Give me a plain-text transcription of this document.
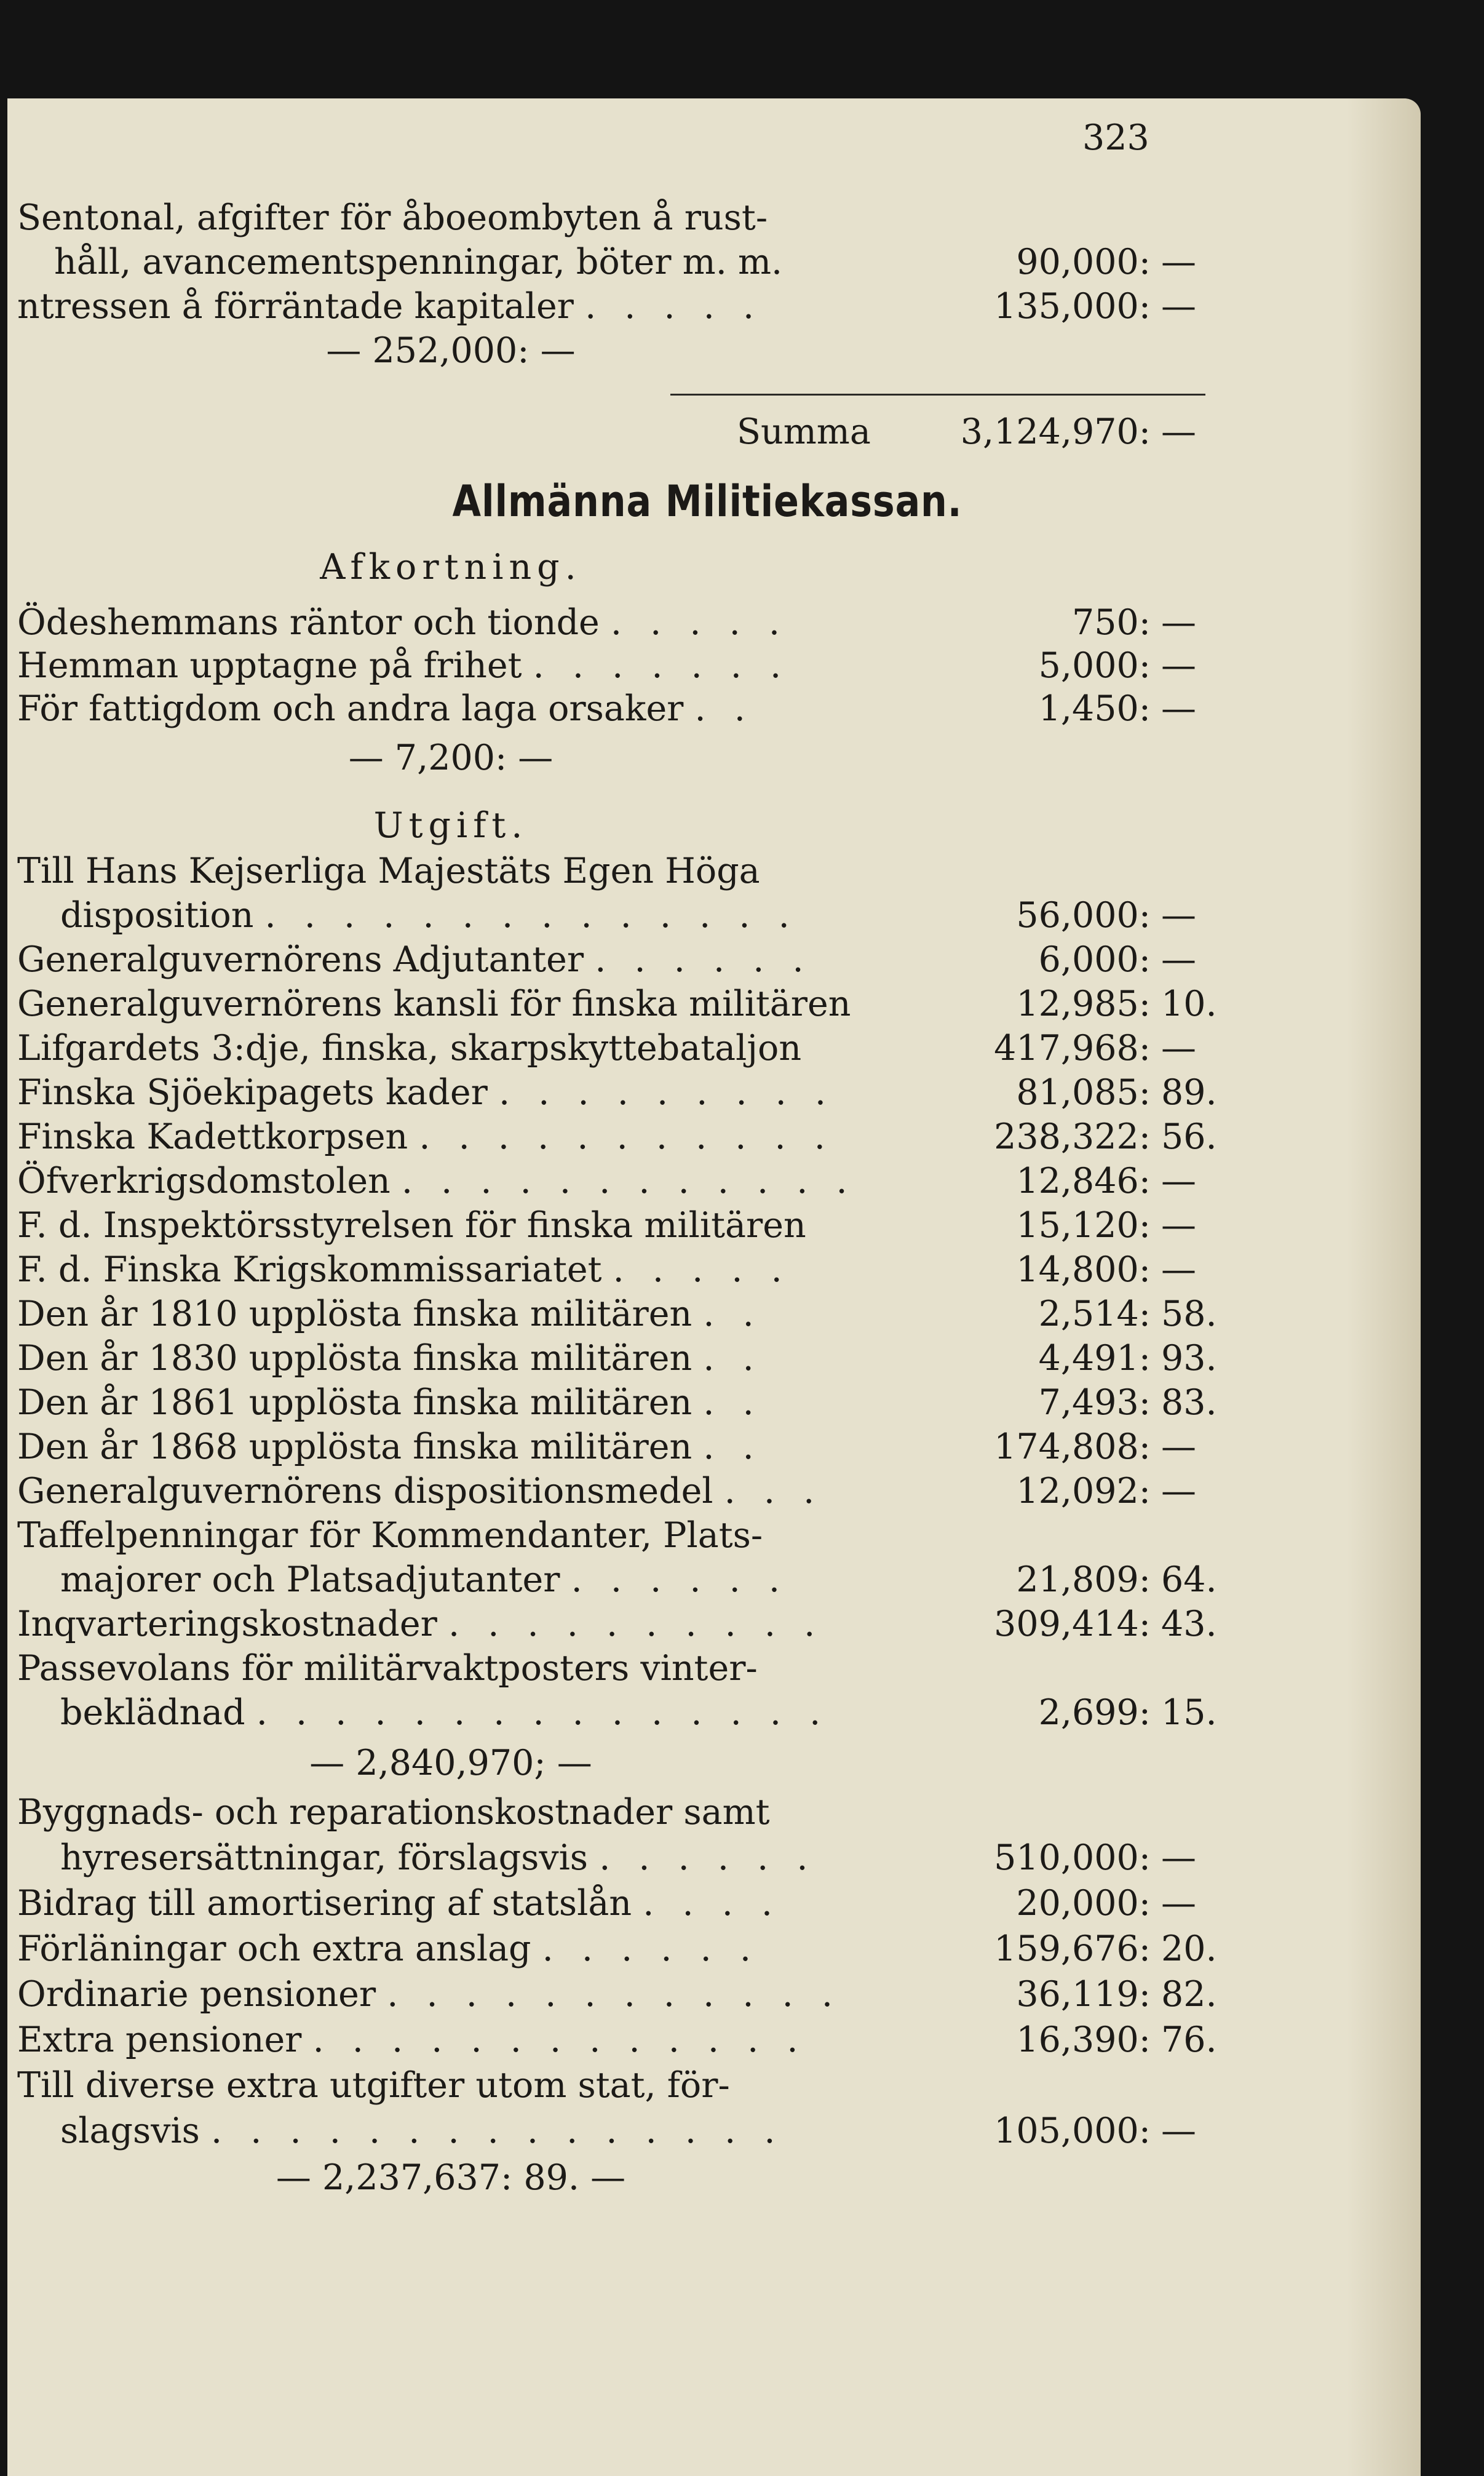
323
Sentonal, afgifter för åboeombyten å rust-
håll, avancementspenningar, böter m. m.	90,000: —
ntressen å förräntade kapitaler . . . . .	135,000: —
— 252,000: —
Summa	3,124,970: —
Allmänna Militiekassan.
Afkortning.
Ödeshemmans räntor och tionde . . . . .	750: —
Hemman upptagne på frihet . . . . . . .	5,000: —
För fattigdom och andra laga orsaker . .	1,450: —
— 7,200: —
Utgift.
Till Hans Kejserliga Majestäts Egen Höga
disposition . . . . . . . . . . . . . .	56,000: —
Generalguvernörens Adjutanter . . . . . .	6,000: —
Generalguvernörens kansli för finska militären	12,985: 10.
Lifgardets 3:dje, finska, skarpskyttebataljon	417,968: —
Finska Sjöekipagets kader . . . . . . . . .	81,085: 89.
Finska Kadettkorpsen . . . . . . . . . . .	238,322: 56.
Öfverkrigsdomstolen . . . . . . . . . . . .	12,846: —
F. d. Inspektörsstyrelsen för finska militären	15,120: —
F. d. Finska Krigskommissariatet . . . . .	14,800: —
Den år 1810 upplösta finska militären . .	2,514: 58.
Den år 1830 upplösta finska militären . .	4,491: 93.
Den år 1861 upplösta finska militären . .	7,493: 83.
Den år 1868 upplösta finska militären . .	174,808: —
Generalguvernörens dispositionsmedel . . .	12,092: —
Taffelpenningar för Kommendanter, Plats-
majorer och Platsadjutanter . . . . . .	21,809: 64.
Inqvarteringskostnader . . . . . . . . . .	309,414: 43.
Passevolans för militärvaktposters vinter-
beklädnad . . . . . . . . . . . . . . .	2,699: 15.
— 2,840,970; —
Byggnads- och reparationskostnader samt
hyresersättningar, förslagsvis . . . . . .	510,000: —
Bidrag till amortisering af statslån . . . .	20,000: —
Förläningar och extra anslag . . . . . .	159,676: 20.
Ordinarie pensioner . . . . . . . . . . . .	36,119: 82.
Extra pensioner . . . . . . . . . . . . .	16,390: 76.
Till diverse extra utgifter utom stat, för-
slagsvis . . . . . . . . . . . . . . .	105,000: —
— 2,237,637: 89. —
